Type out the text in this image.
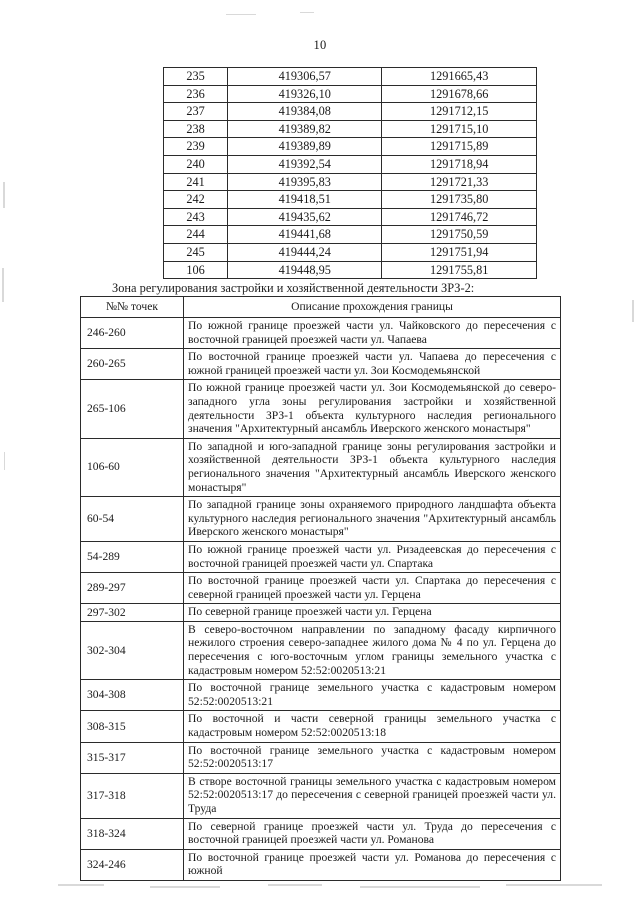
10
235	419306,57	1291665,43
236	419326,10	1291678,66
237	419384,08	1291712,15
238	419389,82	1291715,10
239	419389,89	1291715,89
240	419392,54	1291718,94
241	419395,83	1291721,33
242	419418,51	1291735,80
243	419435,62	1291746,72
244	419441,68	1291750,59
245	419444,24	1291751,94
106	419448,95	1291755,81
Зона регулирования застройки и хозяйственной деятельности ЗРЗ-2:
№№ точек	Описание прохождения границы
246-260	По южной границе проезжей части ул. Чайковского до пересечения с восточной границей проезжей части ул. Чапаева
260-265	По восточной границе проезжей части ул. Чапаева до пересечения с южной границей проезжей части ул. Зои Космодемьянской
265-106	По южной границе проезжей части ул. Зои Космодемьянской до северо-западного угла зоны регулирования застройки и хозяйственной деятельности ЗРЗ-1 объекта культурного наследия регионального значения "Архитектурный ансамбль Иверского женского монастыря"
106-60	По западной и юго-западной границе зоны регулирования застройки и хозяйственной деятельности ЗРЗ-1 объекта культурного наследия регионального значения "Архитектурный ансамбль Иверского женского монастыря"
60-54	По западной границе зоны охраняемого природного ландшафта объекта культурного наследия регионального значения "Архитектурный ансамбль Иверского женского монастыря"
54-289	По южной границе проезжей части ул. Ризадеевская до пересечения с восточной границей проезжей части ул. Спартака
289-297	По восточной границе проезжей части ул. Спартака до пересечения с северной границей проезжей части ул. Герцена
297-302	По северной границе проезжей части ул. Герцена
302-304	В северо-восточном направлении по западному фасаду кирпичного нежилого строения северо-западнее жилого дома № 4 по ул. Герцена до пересечения с юго-восточным углом границы земельного участка с кадастровым номером 52:52:0020513:21
304-308	По восточной границе земельного участка с кадастровым номером 52:52:0020513:21
308-315	По восточной и части северной границы земельного участка с кадастровым номером 52:52:0020513:18
315-317	По восточной границе земельного участка с кадастровым номером 52:52:0020513:17
317-318	В створе восточной границы земельного участка с кадастровым номером 52:52:0020513:17 до пересечения с северной границей проезжей части ул. Труда
318-324	По северной границе проезжей части ул. Труда до пересечения с восточной границей проезжей части ул. Романова
324-246	По восточной границе проезжей части ул. Романова до пересечения с южной
